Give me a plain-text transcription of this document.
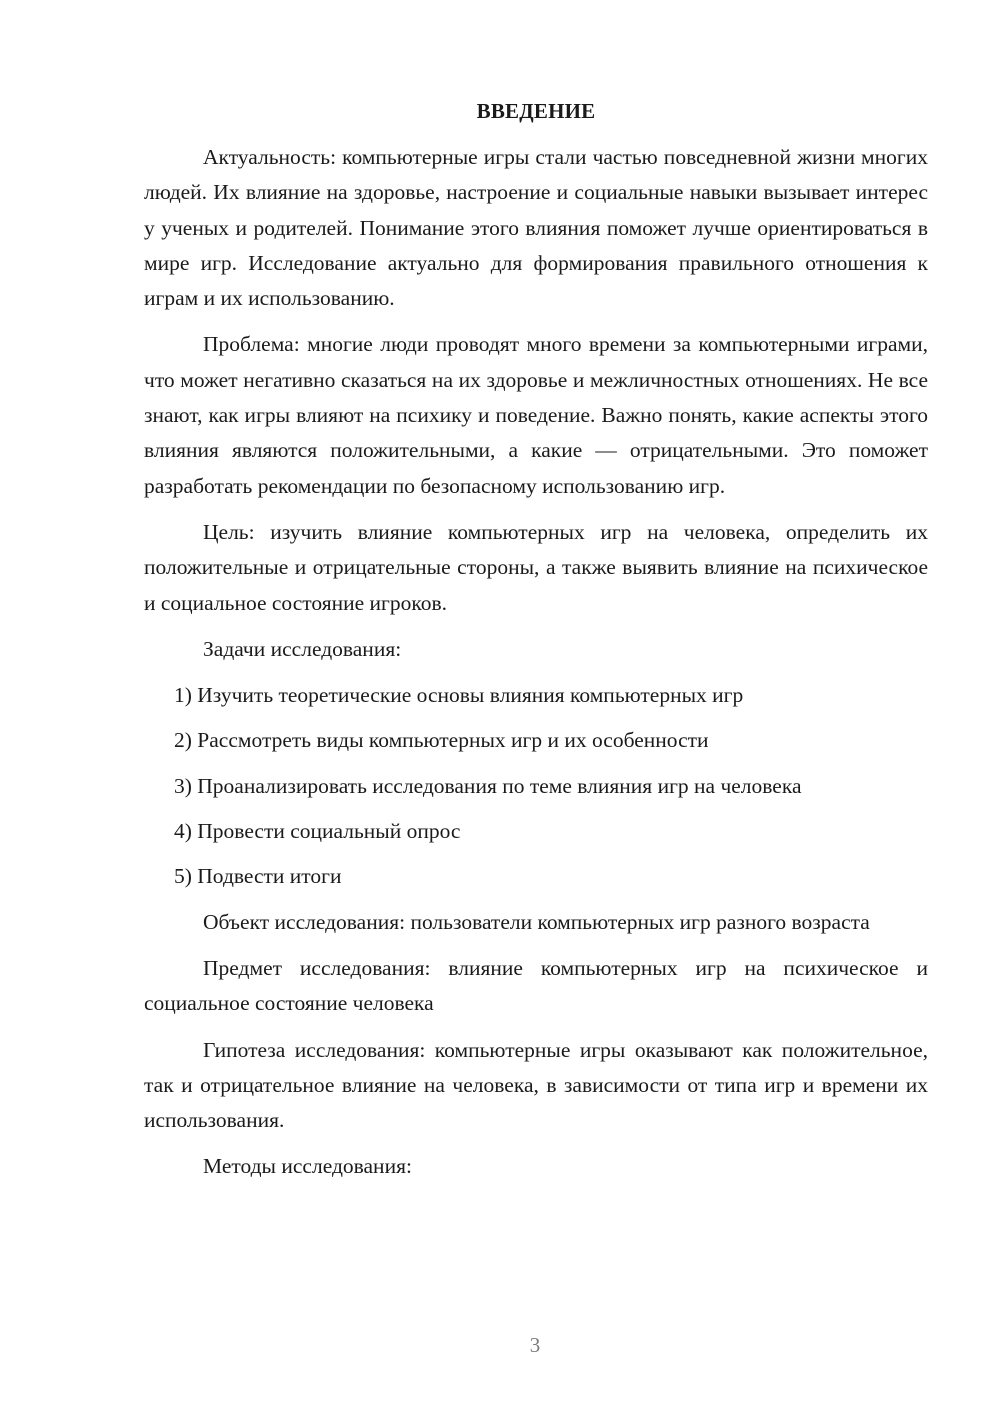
ВВЕДЕНИЕ

Актуальность: компьютерные игры стали частью повседневной жизни многих людей. Их влияние на здоровье, настроение и социальные навыки вызывает интерес у ученых и родителей. Понимание этого влияния поможет лучше ориентироваться в мире игр. Исследование актуально для формирования правильного отношения к играм и их использованию.

Проблема: многие люди проводят много времени за компьютерными играми, что может негативно сказаться на их здоровье и межличностных отношениях. Не все знают, как игры влияют на психику и поведение. Важно понять, какие аспекты этого влияния являются положительными, а какие — отрицательными. Это поможет разработать рекомендации по безопасному использованию игр.

Цель: изучить влияние компьютерных игр на человека, определить их положительные и отрицательные стороны, а также выявить влияние на психическое и социальное состояние игроков.

Задачи исследования:

1) Изучить теоретические основы влияния компьютерных игр
2) Рассмотреть виды компьютерных игр и их особенности
3) Проанализировать исследования по теме влияния игр на человека
4) Провести социальный опрос
5) Подвести итоги

Объект исследования: пользователи компьютерных игр разного возраста

Предмет исследования: влияние компьютерных игр на психическое и социальное состояние человека

Гипотеза исследования: компьютерные игры оказывают как положительное, так и отрицательное влияние на человека, в зависимости от типа игр и времени их использования.

Методы исследования:

3
